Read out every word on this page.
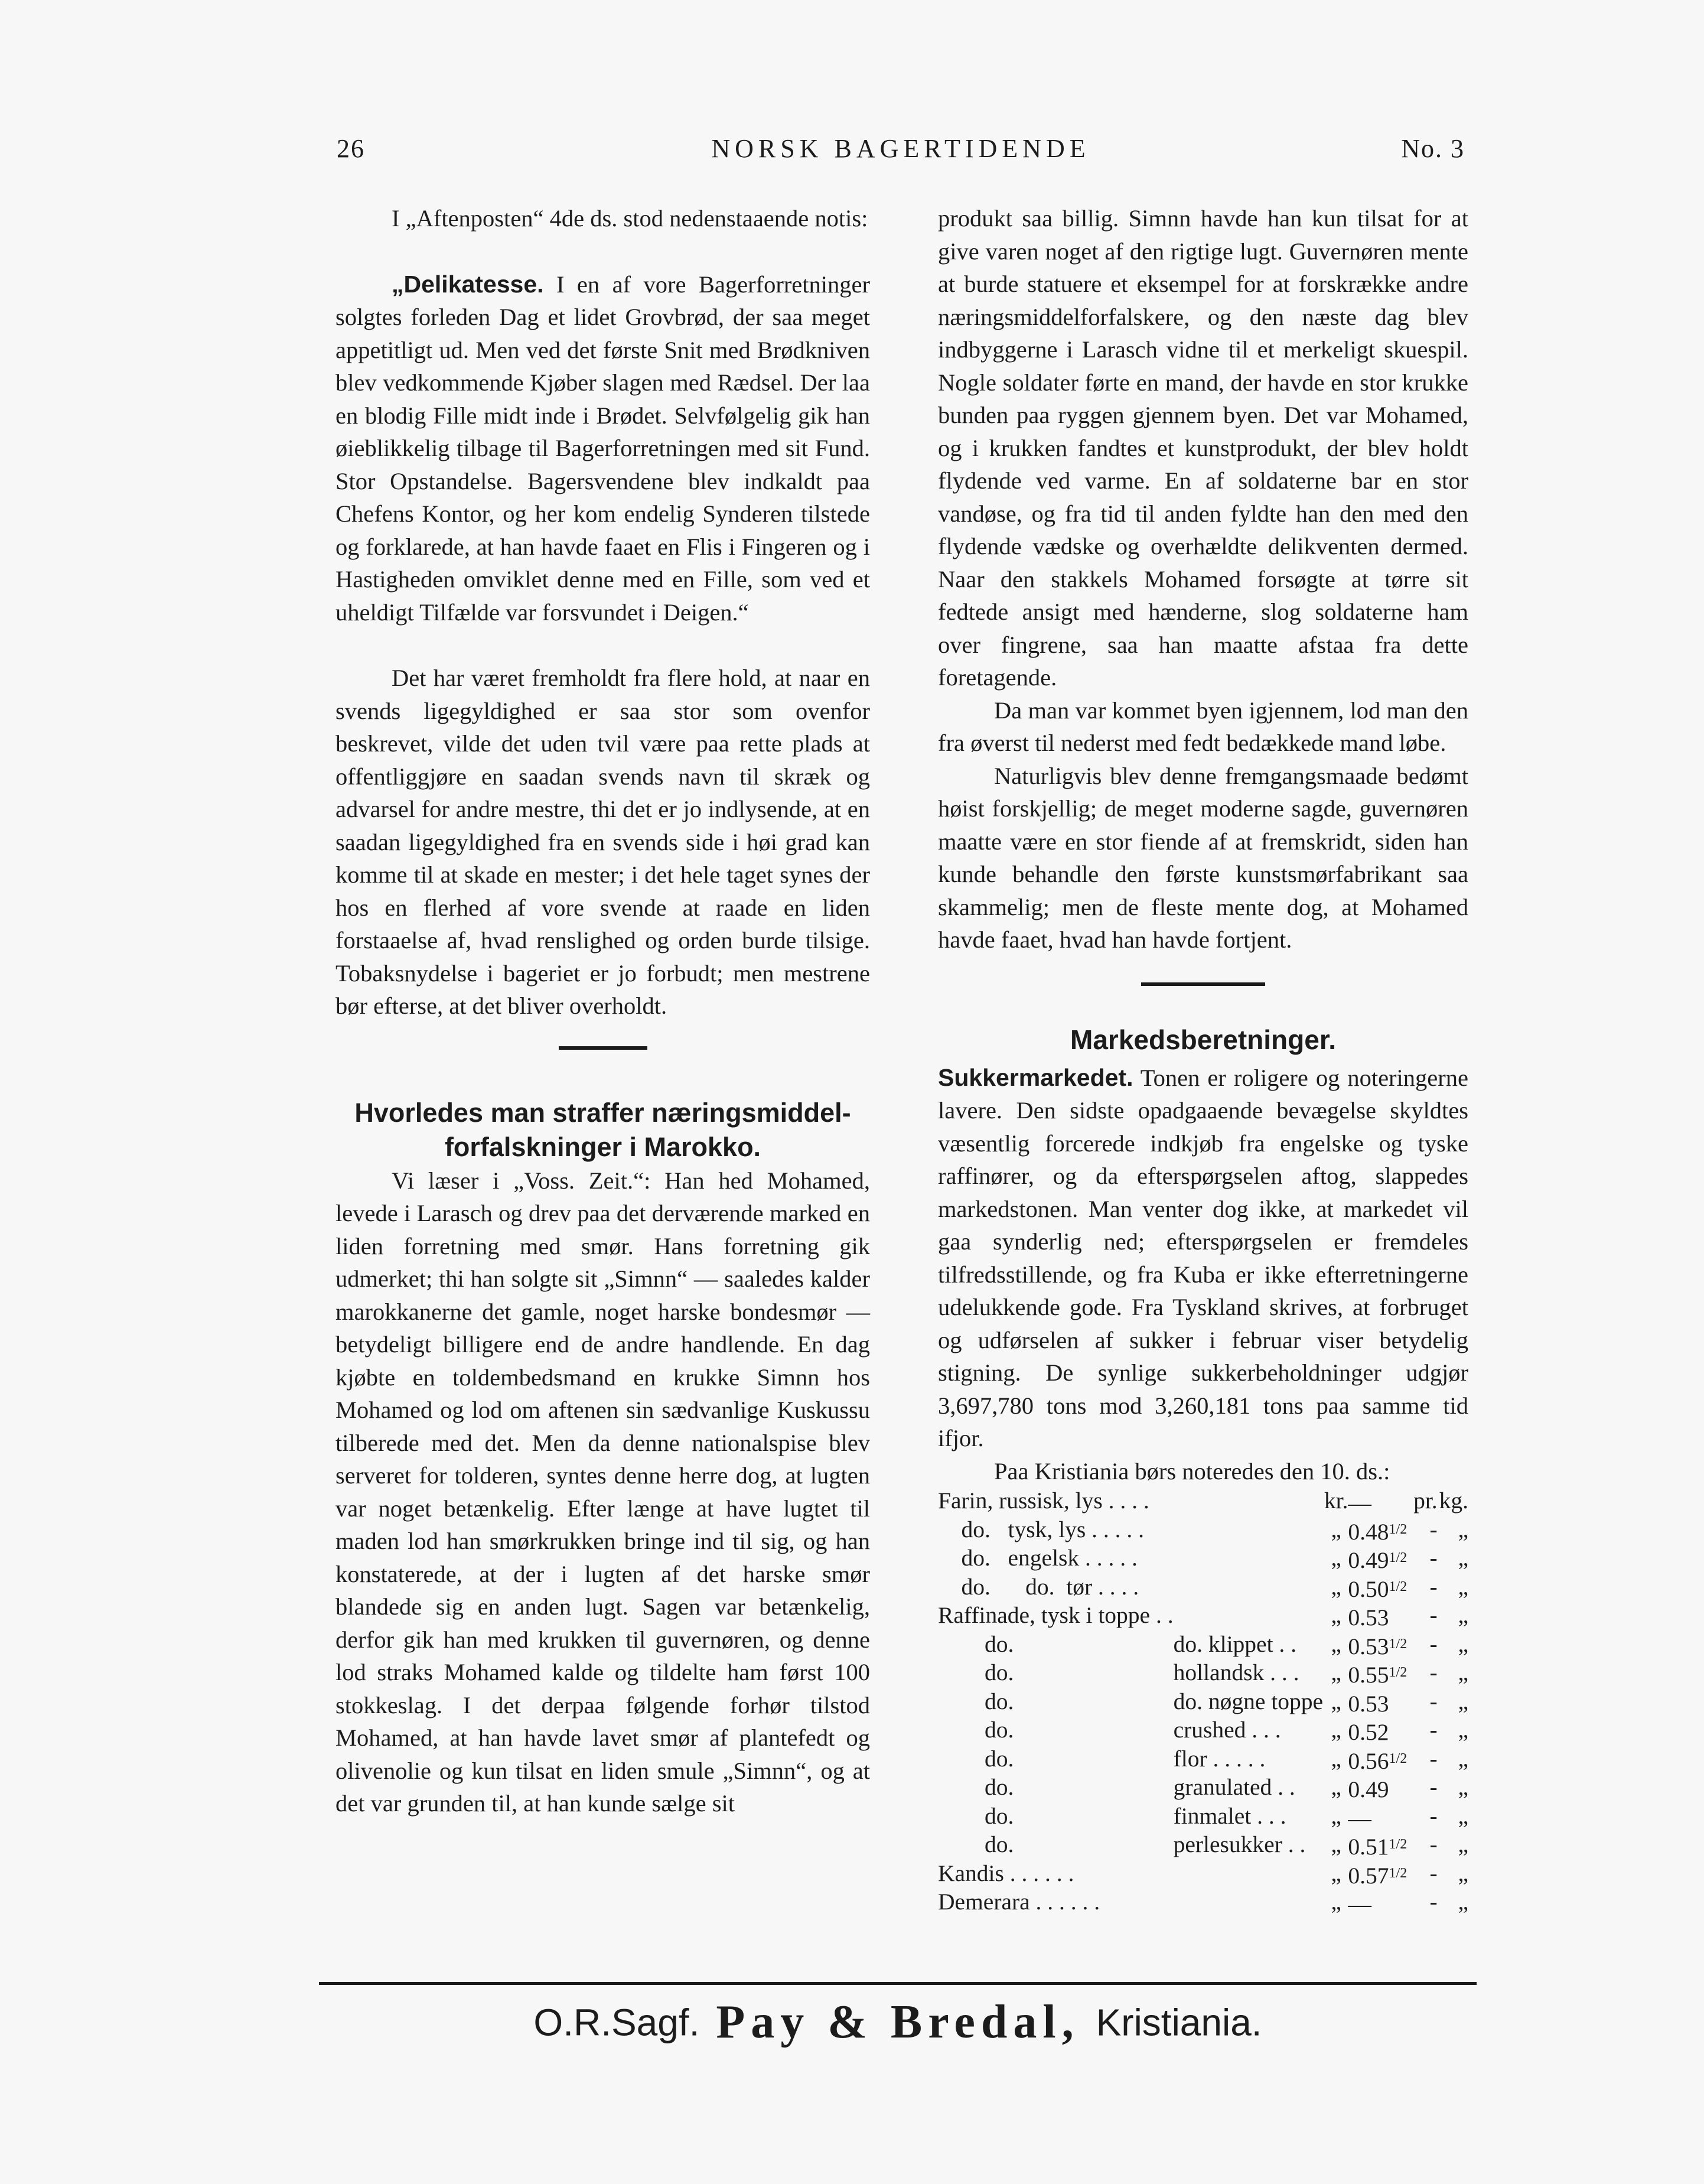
26	NORSK BAGERTIDENDE	No. 3

I „Aftenposten“ 4de ds. stod nedenstaaende notis:

„Delikatesse. I en af vore Bagerforretninger solgtes forleden Dag et lidet Grovbrød, der saa meget appetitligt ud. Men ved det første Snit med Brødkniven blev vedkommende Kjøber slagen med Rædsel. Der laa en blodig Fille midt inde i Brødet. Selvfølgelig gik han øieblikkelig tilbage til Bagerforretningen med sit Fund. Stor Opstandelse. Bagersvendene blev indkaldt paa Chefens Kontor, og her kom endelig Synderen tilstede og forklarede, at han havde faaet en Flis i Fingeren og i Hastigheden omviklet denne med en Fille, som ved et uheldigt Tilfælde var forsvundet i Deigen.“

Det har været fremholdt fra flere hold, at naar en svends ligegyldighed er saa stor som ovenfor beskrevet, vilde det uden tvil være paa rette plads at offentliggjøre en saadan svends navn til skræk og advarsel for andre mestre, thi det er jo indlysende, at en saadan ligegyldighed fra en svends side i høi grad kan komme til at skade en mester; i det hele taget synes der hos en flerhed af vore svende at raade en liden forstaaelse af, hvad renslighed og orden burde tilsige. Tobaksnydelse i bageriet er jo forbudt; men mestrene bør efterse, at det bliver overholdt.

Hvorledes man straffer næringsmiddel-
forfalskninger i Marokko.

Vi læser i „Voss. Zeit.“: Han hed Mohamed, levede i Larasch og drev paa det derværende marked en liden forretning med smør. Hans forretning gik udmerket; thi han solgte sit „Simnn“ — saaledes kalder marokkanerne det gamle, noget harske bondesmør — betydeligt billigere end de andre handlende. En dag kjøbte en toldembedsmand en krukke Simnn hos Mohamed og lod om aftenen sin sædvanlige Kuskussu tilberede med det. Men da denne nationalspise blev serveret for tolderen, syntes denne herre dog, at lugten var noget betænkelig. Efter længe at have lugtet til maden lod han smørkrukken bringe ind til sig, og han konstaterede, at der i lugten af det harske smør blandede sig en anden lugt. Sagen var betænkelig, derfor gik han med krukken til guvernøren, og denne lod straks Mohamed kalde og tildelte ham først 100 stokkeslag. I det derpaa følgende forhør tilstod Mohamed, at han havde lavet smør af plantefedt og olivenolie og kun tilsat en liden smule „Simnn“, og at det var grunden til, at han kunde sælge sit

produkt saa billig. Simnn havde han kun tilsat for at give varen noget af den rigtige lugt. Guvernøren mente at burde statuere et eksempel for at forskrække andre næringsmiddelforfalskere, og den næste dag blev indbyggerne i Larasch vidne til et merkeligt skuespil. Nogle soldater førte en mand, der havde en stor krukke bunden paa ryggen gjennem byen. Det var Mohamed, og i krukken fandtes et kunstprodukt, der blev holdt flydende ved varme. En af soldaterne bar en stor vandøse, og fra tid til anden fyldte han den med den flydende vædske og overhældte delikventen dermed. Naar den stakkels Mohamed forsøgte at tørre sit fedtede ansigt med hænderne, slog soldaterne ham over fingrene, saa han maatte afstaa fra dette foretagende.

Da man var kommet byen igjennem, lod man den fra øverst til nederst med fedt bedækkede mand løbe.

Naturligvis blev denne fremgangsmaade bedømt høist forskjellig; de meget moderne sagde, guvernøren maatte være en stor fiende af at fremskridt, siden han kunde behandle den første kunstsmørfabrikant saa skammelig; men de fleste mente dog, at Mohamed havde faaet, hvad han havde fortjent.

Markedsberetninger.

Sukkermarkedet. Tonen er roligere og noteringerne lavere. Den sidste opadgaaende bevægelse skyldtes væsentlig forcerede indkjøb fra engelske og tyske raffinører, og da efterspørgselen aftog, slappedes markedstonen. Man venter dog ikke, at markedet vil gaa synderlig ned; efterspørgselen er fremdeles tilfredsstillende, og fra Kuba er ikke efterretningerne udelukkende gode. Fra Tyskland skrives, at forbruget og udførselen af sukker i februar viser betydelig stigning. De synlige sukkerbeholdninger udgjør 3,697,780 tons mod 3,260,181 tons paa samme tid ifjor.

Paa Kristiania børs noteredes den 10. ds.:

Farin, russisk, lys . . . .		kr.	—	pr.	kg.
do.   tysk, lys . . . . .		„	$0.48^{1/2}$	-	„
do.   engelsk . . . . .		„	$0.49^{1/2}$	-	„
do.      do.  tør . . . .		„	$0.50^{1/2}$	-	„
Raffinade, tysk i toppe . .		„	0.53	-	„
do.	do. klippet . .	„	$0.53^{1/2}$	-	„
do.	hollandsk . . .	„	$0.55^{1/2}$	-	„
do.	do. nøgne toppe	„	0.53	-	„
do.	crushed . . .	„	0.52	-	„
do.	flor . . . . .	„	$0.56^{1/2}$	-	„
do.	granulated . .	„	0.49	-	„
do.	finmalet . . .	„	—	-	„
do.	perlesukker . .	„	$0.51^{1/2}$	-	„
Kandis . . . . . .		„	$0.57^{1/2}$	-	„
Demerara . . . . . .		„	—	-	„
O.R.Sagf. Pay & Bredal, Kristiania.
